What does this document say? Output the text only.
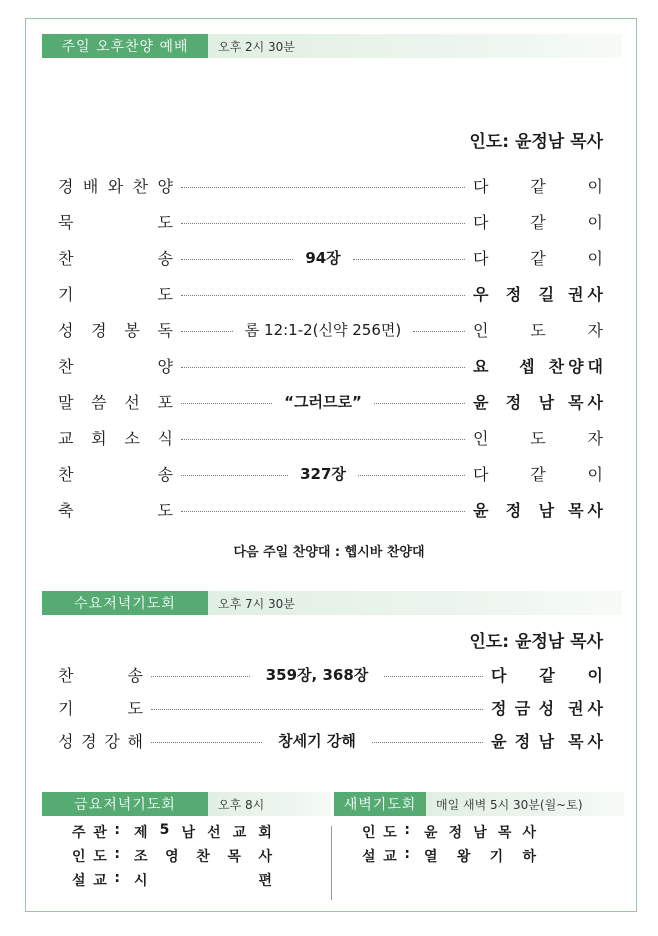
주일 오후찬양 예배	오후 2시 30분
인도: 윤정남 목사
경 배 와 찬 양	다	같	이
묵	도	다	같	이
찬	송	94장	다	같	이
기	도	우 정 길 권 사
성 경 봉 독	롬 12:1-2(신약 256면)	인	도	자
찬	양	요 셉 찬 양 대
말 씀 선 포	“그러므로”	윤 정 남 목 사
교 회 소 식	인	도	자
찬	송	327장	다	같	이
축	도	윤 정 남 목 사
다음 주일 찬양대 : 헵시바 찬양대
수요저녁기도회	오후 7시 30분
인도: 윤정남 목사
찬	송	359장, 368장	다 같 이
기	도	정 금 성 권 사
성 경 강 해	창세기 강해	윤 정 남 목 사
금요저녁기도회	오후 8시	새벽기도회	매일 새벽 5시 30분(월~토)
주 관 : 제 5 남 선 교 회
인 도 : 조 영 찬 목 사
설 교 : 시	편
인 도 : 윤 정 남 목 사
설 교 : 열 왕 기 하
